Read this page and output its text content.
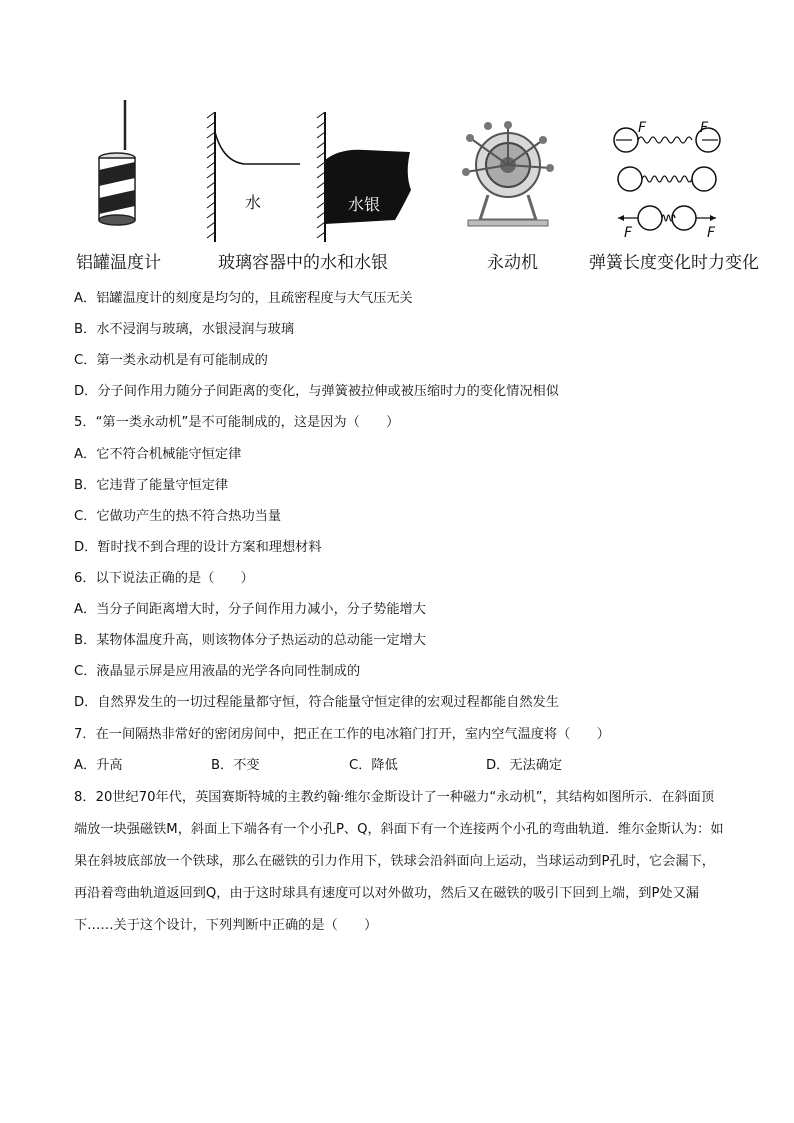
铝罐温度计
水	水银
玻璃容器中的水和水银	永动机
F	F
F	F
弹簧长度变化时力变化
A．铝罐温度计的刻度是均匀的，且疏密程度与大气压无关
B．水不浸润与玻璃，水银浸润与玻璃
C．第一类永动机是有可能制成的
D．分子间作用力随分子间距离的变化，与弹簧被拉伸或被压缩时力的变化情况相似
5．“第一类永动机”是不可能制成的，这是因为（　　）
A．它不符合机械能守恒定律
B．它违背了能量守恒定律
C．它做功产生的热不符合热功当量
D．暂时找不到合理的设计方案和理想材料
6．以下说法正确的是（　　）
A．当分子间距离增大时，分子间作用力减小，分子势能增大
B．某物体温度升高，则该物体分子热运动的总动能一定增大
C．液晶显示屏是应用液晶的光学各向同性制成的
D．自然界发生的一切过程能量都守恒，符合能量守恒定律的宏观过程都能自然发生
7．在一间隔热非常好的密闭房间中，把正在工作的电冰箱门打开，室内空气温度将（　　）
A．升高	B．不变	C．降低	D．无法确定
8．20世纪70年代，英国赛斯特城的主教约翰·维尔金斯设计了一种磁力“永动机”，其结构如图所示．在斜面顶端放一块强磁铁M，斜面上下端各有一个小孔P、Q，斜面下有一个连接两个小孔的弯曲轨道．维尔金斯认为：如果在斜坡底部放一个铁球，那么在磁铁的引力作用下，铁球会沿斜面向上运动，当球运动到P孔时，它会漏下，再沿着弯曲轨道返回到Q，由于这时球具有速度可以对外做功，然后又在磁铁的吸引下回到上端，到P处又漏下……关于这个设计，下列判断中正确的是（　　）
